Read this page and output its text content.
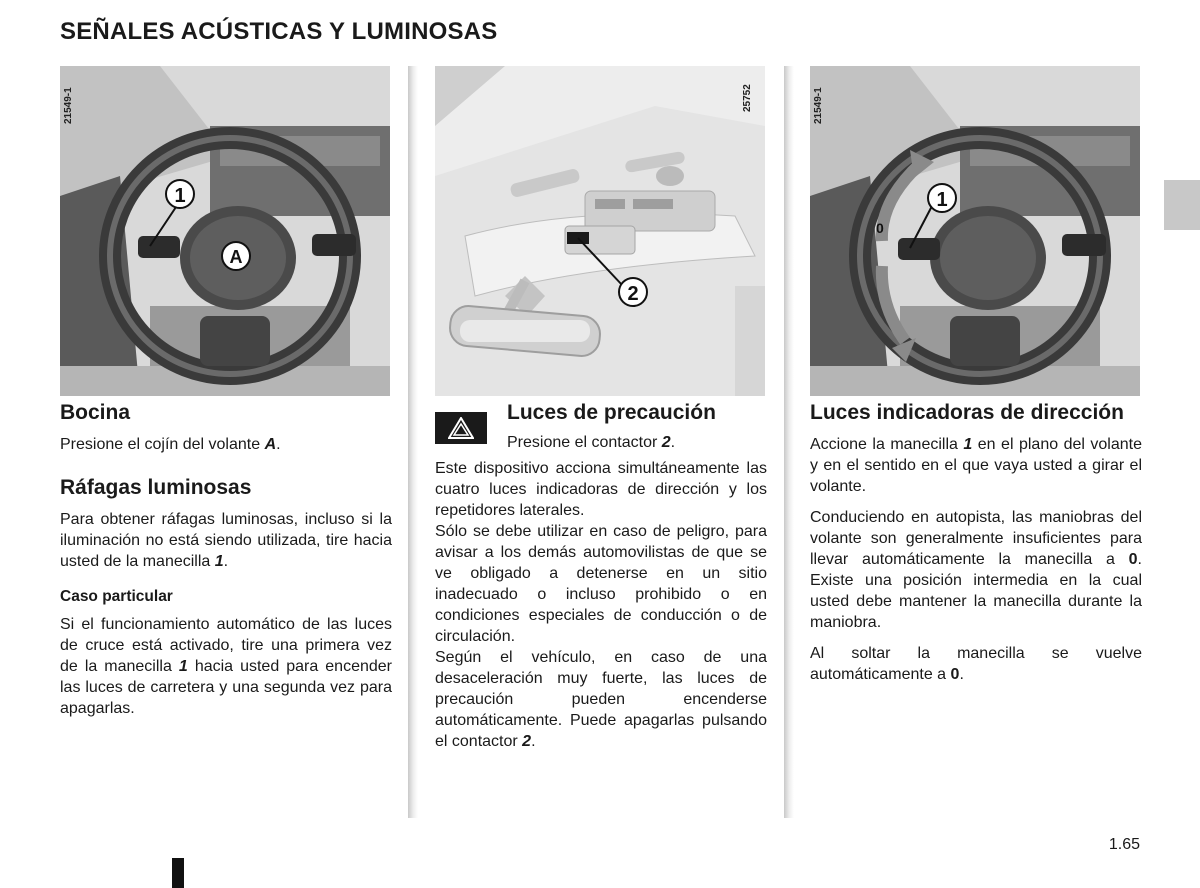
SEÑALES ACÚSTICAS Y LUMINOSAS
1
A
21549-1
2
25752
0
1
21549-1
Bocina

Presione el cojín del volante A.

Ráfagas luminosas

Para obtener ráfagas luminosas, incluso si la iluminación no está siendo utilizada, tire hacia usted de la manecilla 1.

Caso particular

Si el funcionamiento automático de las luces de cruce está activado, tire una primera vez de la manecilla 1 hacia usted para encender las luces de carretera y una segunda vez para apagarlas.

Luces de precaución

Presione el contactor 2.

Este dispositivo acciona simultáneamente las cuatro luces indicadoras de dirección y los repetidores laterales.

Sólo se debe utilizar en caso de peligro, para avisar a los demás automovilistas de que se ve obligado a detenerse en un sitio inadecuado o incluso prohibido o en condiciones especiales de conducción o de circulación.

Según el vehículo, en caso de una desaceleración muy fuerte, las luces de precaución pueden encenderse automáticamente. Puede apagarlas pulsando el contactor 2.

Luces indicadoras de dirección

Accione la manecilla 1 en el plano del volante y en el sentido en el que vaya usted a girar el volante.

Conduciendo en autopista, las maniobras del volante son generalmente insuficientes para llevar automáticamente la manecilla a 0. Existe una posición intermedia en la cual usted debe mantener la manecilla durante la maniobra.

Al soltar la manecilla se vuelve automáticamente a 0.

1.65
